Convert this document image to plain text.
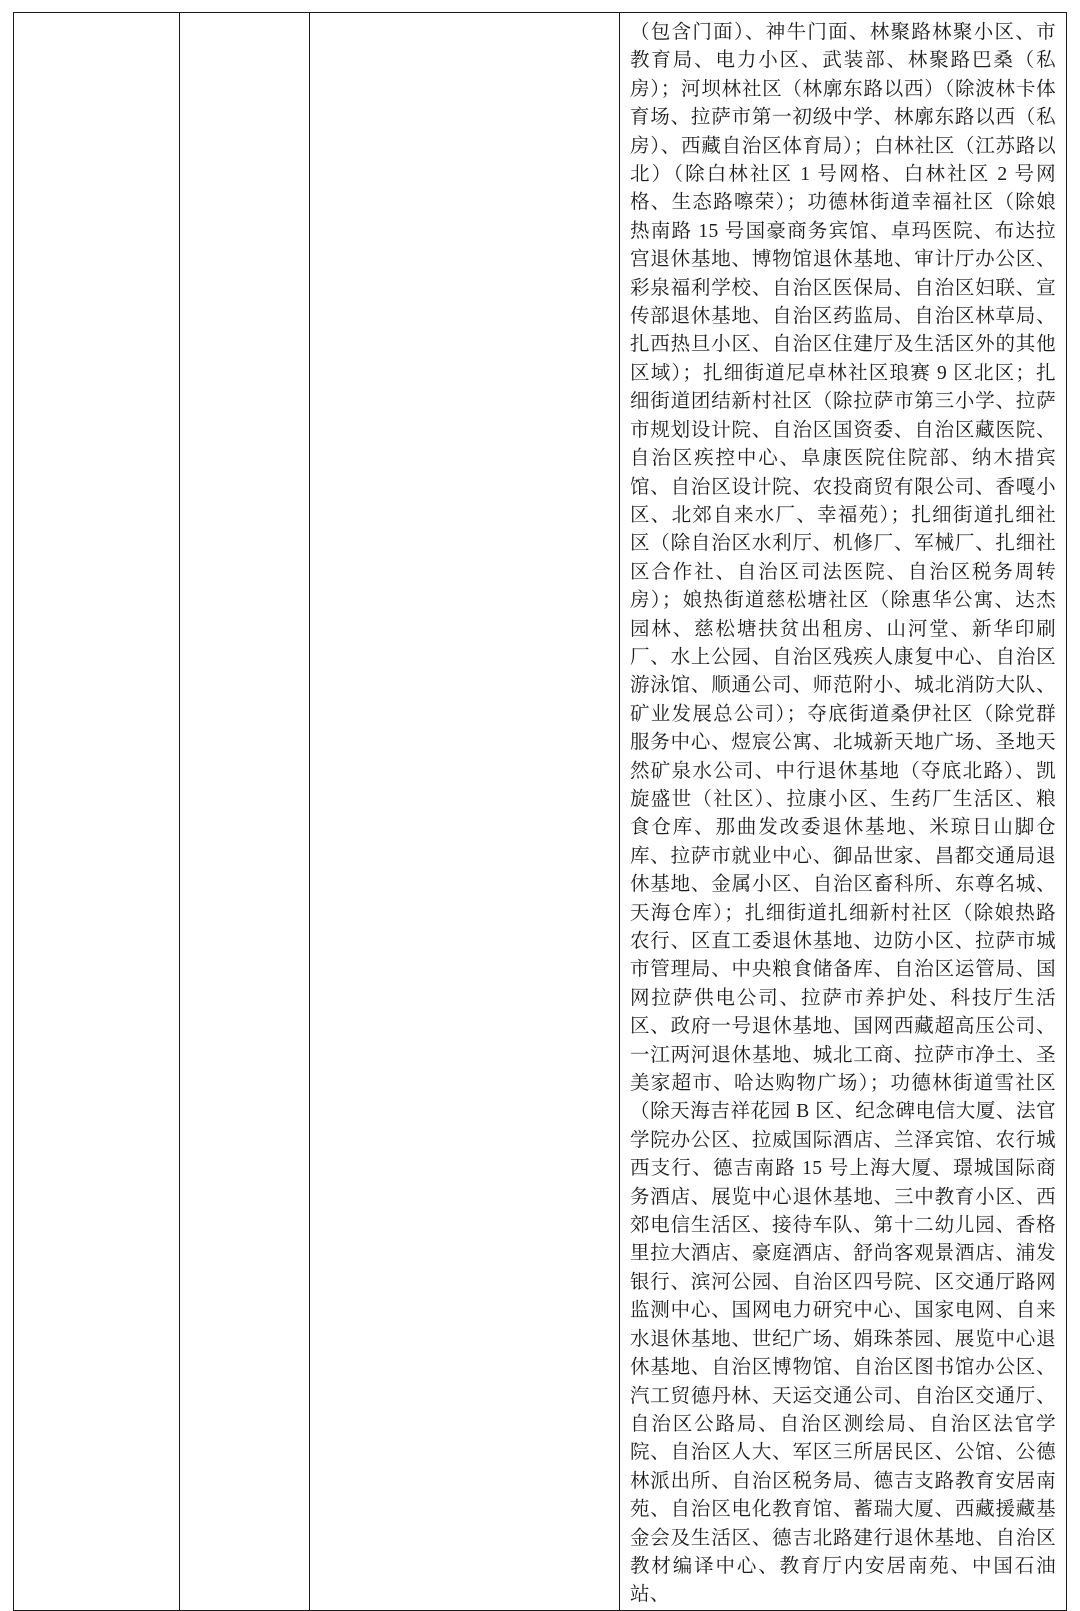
（包含门面）、神牛门面、林聚路林聚小区、市教育局、电力小区、武装部、林聚路巴桑（私房）；河坝林社区（林廓东路以西）（除波林卡体育场、拉萨市第一初级中学、林廓东路以西（私房）、西藏自治区体育局）；白林社区（江苏路以北）（除白林社区 1 号网格、白林社区 2 号网格、生态路嚓荣）；功德林街道幸福社区（除娘热南路 15 号国豪商务宾馆、卓玛医院、布达拉宫退休基地、博物馆退休基地、审计厅办公区、彩泉福利学校、自治区医保局、自治区妇联、宣传部退休基地、自治区药监局、自治区林草局、扎西热旦小区、自治区住建厅及生活区外的其他区域）；扎细街道尼卓林社区琅赛 9 区北区；扎细街道团结新村社区（除拉萨市第三小学、拉萨市规划设计院、自治区国资委、自治区藏医院、自治区疾控中心、阜康医院住院部、纳木措宾馆、自治区设计院、农投商贸有限公司、香嘎小区、北郊自来水厂、幸福苑）；扎细街道扎细社区（除自治区水利厅、机修厂、军械厂、扎细社区合作社、自治区司法医院、自治区税务周转房）；娘热街道慈松塘社区（除惠华公寓、达杰园林、慈松塘扶贫出租房、山河堂、新华印刷厂、水上公园、自治区残疾人康复中心、自治区游泳馆、顺通公司、师范附小、城北消防大队、矿业发展总公司）；夺底街道桑伊社区（除党群服务中心、煜宸公寓、北城新天地广场、圣地天然矿泉水公司、中行退休基地（夺底北路）、凯旋盛世（社区）、拉康小区、生药厂生活区、粮食仓库、那曲发改委退休基地、米琼日山脚仓库、拉萨市就业中心、御品世家、昌都交通局退休基地、金属小区、自治区畜科所、东尊名城、天海仓库）；扎细街道扎细新村社区（除娘热路农行、区直工委退休基地、边防小区、拉萨市城市管理局、中央粮食储备库、自治区运管局、国网拉萨供电公司、拉萨市养护处、科技厅生活区、政府一号退休基地、国网西藏超高压公司、一江两河退休基地、城北工商、拉萨市净土、圣美家超市、哈达购物广场）；功德林街道雪社区（除天海吉祥花园 B 区、纪念碑电信大厦、法官学院办公区、拉威国际酒店、兰泽宾馆、农行城西支行、德吉南路 15 号上海大厦、璟城国际商务酒店、展览中心退休基地、三中教育小区、西郊电信生活区、接待车队、第十二幼儿园、香格里拉大酒店、豪庭酒店、舒尚客观景酒店、浦发银行、滨河公园、自治区四号院、区交通厅路网监测中心、国网电力研究中心、国家电网、自来水退休基地、世纪广场、娟珠茶园、展览中心退休基地、自治区博物馆、自治区图书馆办公区、汽工贸德丹林、天运交通公司、自治区交通厅、自治区公路局、自治区测绘局、自治区法官学院、自治区人大、军区三所居民区、公馆、公德林派出所、自治区税务局、德吉支路教育安居南苑、自治区电化教育馆、蓄瑞大厦、西藏援藏基金会及生活区、德吉北路建行退休基地、自治区教材编译中心、教育厅内安居南苑、中国石油站、
